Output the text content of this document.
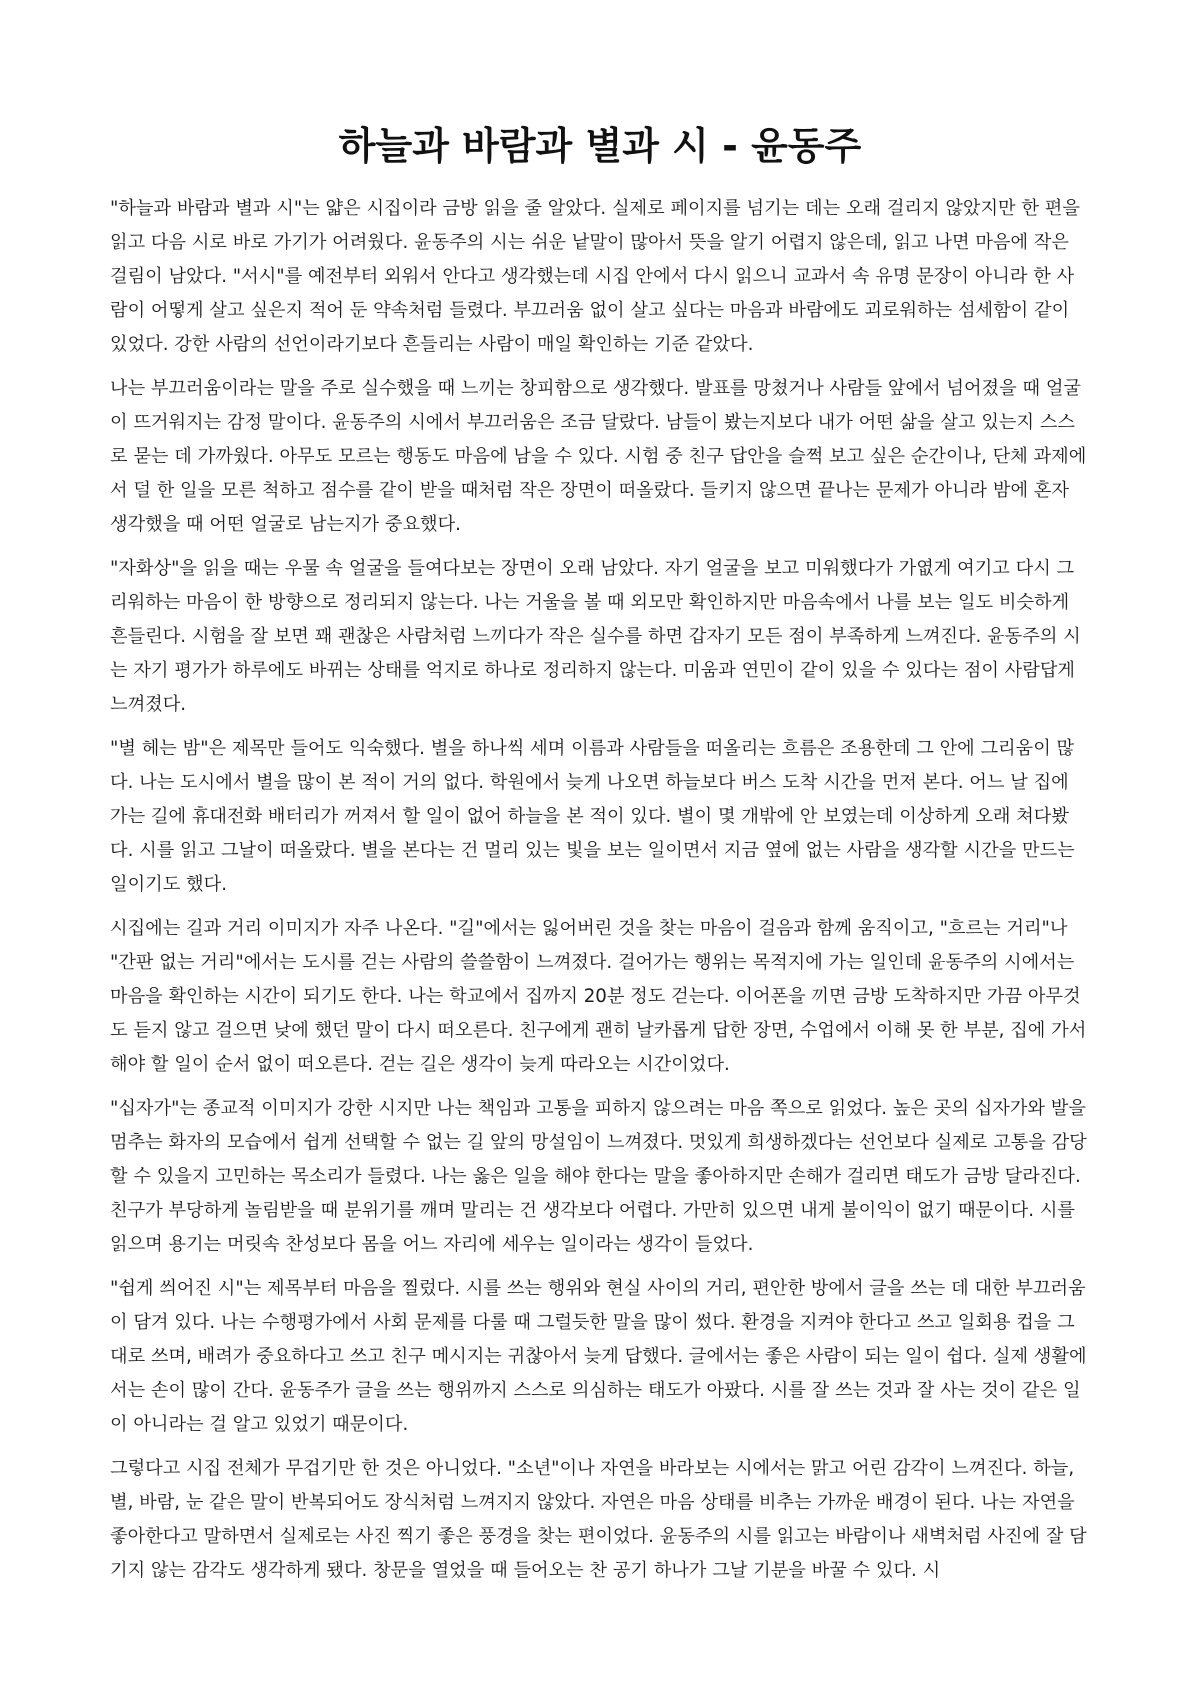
하늘과 바람과 별과 시 - 윤동주

"하늘과 바람과 별과 시"는 얇은 시집이라 금방 읽을 줄 알았다. 실제로 페이지를 넘기는 데는 오래 걸리지 않았지만 한 편을 읽고 다음 시로 바로 가기가 어려웠다. 윤동주의 시는 쉬운 낱말이 많아서 뜻을 알기 어렵지 않은데, 읽고 나면 마음에 작은 걸림이 남았다. "서시"를 예전부터 외워서 안다고 생각했는데 시집 안에서 다시 읽으니 교과서 속 유명 문장이 아니라 한 사람이 어떻게 살고 싶은지 적어 둔 약속처럼 들렸다. 부끄러움 없이 살고 싶다는 마음과 바람에도 괴로워하는 섬세함이 같이 있었다. 강한 사람의 선언이라기보다 흔들리는 사람이 매일 확인하는 기준 같았다.

나는 부끄러움이라는 말을 주로 실수했을 때 느끼는 창피함으로 생각했다. 발표를 망쳤거나 사람들 앞에서 넘어졌을 때 얼굴이 뜨거워지는 감정 말이다. 윤동주의 시에서 부끄러움은 조금 달랐다. 남들이 봤는지보다 내가 어떤 삶을 살고 있는지 스스로 묻는 데 가까웠다. 아무도 모르는 행동도 마음에 남을 수 있다. 시험 중 친구 답안을 슬쩍 보고 싶은 순간이나, 단체 과제에서 덜 한 일을 모른 척하고 점수를 같이 받을 때처럼 작은 장면이 떠올랐다. 들키지 않으면 끝나는 문제가 아니라 밤에 혼자 생각했을 때 어떤 얼굴로 남는지가 중요했다.

"자화상"을 읽을 때는 우물 속 얼굴을 들여다보는 장면이 오래 남았다. 자기 얼굴을 보고 미워했다가 가엾게 여기고 다시 그리워하는 마음이 한 방향으로 정리되지 않는다. 나는 거울을 볼 때 외모만 확인하지만 마음속에서 나를 보는 일도 비슷하게 흔들린다. 시험을 잘 보면 꽤 괜찮은 사람처럼 느끼다가 작은 실수를 하면 갑자기 모든 점이 부족하게 느껴진다. 윤동주의 시는 자기 평가가 하루에도 바뀌는 상태를 억지로 하나로 정리하지 않는다. 미움과 연민이 같이 있을 수 있다는 점이 사람답게 느껴졌다.

"별 헤는 밤"은 제목만 들어도 익숙했다. 별을 하나씩 세며 이름과 사람들을 떠올리는 흐름은 조용한데 그 안에 그리움이 많다. 나는 도시에서 별을 많이 본 적이 거의 없다. 학원에서 늦게 나오면 하늘보다 버스 도착 시간을 먼저 본다. 어느 날 집에 가는 길에 휴대전화 배터리가 꺼져서 할 일이 없어 하늘을 본 적이 있다. 별이 몇 개밖에 안 보였는데 이상하게 오래 쳐다봤다. 시를 읽고 그날이 떠올랐다. 별을 본다는 건 멀리 있는 빛을 보는 일이면서 지금 옆에 없는 사람을 생각할 시간을 만드는 일이기도 했다.

시집에는 길과 거리 이미지가 자주 나온다. "길"에서는 잃어버린 것을 찾는 마음이 걸음과 함께 움직이고, "흐르는 거리"나 "간판 없는 거리"에서는 도시를 걷는 사람의 쓸쓸함이 느껴졌다. 걸어가는 행위는 목적지에 가는 일인데 윤동주의 시에서는 마음을 확인하는 시간이 되기도 한다. 나는 학교에서 집까지 20분 정도 걷는다. 이어폰을 끼면 금방 도착하지만 가끔 아무것도 듣지 않고 걸으면 낮에 했던 말이 다시 떠오른다. 친구에게 괜히 날카롭게 답한 장면, 수업에서 이해 못 한 부분, 집에 가서 해야 할 일이 순서 없이 떠오른다. 걷는 길은 생각이 늦게 따라오는 시간이었다.

"십자가"는 종교적 이미지가 강한 시지만 나는 책임과 고통을 피하지 않으려는 마음 쪽으로 읽었다. 높은 곳의 십자가와 발을 멈추는 화자의 모습에서 쉽게 선택할 수 없는 길 앞의 망설임이 느껴졌다. 멋있게 희생하겠다는 선언보다 실제로 고통을 감당할 수 있을지 고민하는 목소리가 들렸다. 나는 옳은 일을 해야 한다는 말을 좋아하지만 손해가 걸리면 태도가 금방 달라진다. 친구가 부당하게 놀림받을 때 분위기를 깨며 말리는 건 생각보다 어렵다. 가만히 있으면 내게 불이익이 없기 때문이다. 시를 읽으며 용기는 머릿속 찬성보다 몸을 어느 자리에 세우는 일이라는 생각이 들었다.

"쉽게 씌어진 시"는 제목부터 마음을 찔렀다. 시를 쓰는 행위와 현실 사이의 거리, 편안한 방에서 글을 쓰는 데 대한 부끄러움이 담겨 있다. 나는 수행평가에서 사회 문제를 다룰 때 그럴듯한 말을 많이 썼다. 환경을 지켜야 한다고 쓰고 일회용 컵을 그대로 쓰며, 배려가 중요하다고 쓰고 친구 메시지는 귀찮아서 늦게 답했다. 글에서는 좋은 사람이 되는 일이 쉽다. 실제 생활에서는 손이 많이 간다. 윤동주가 글을 쓰는 행위까지 스스로 의심하는 태도가 아팠다. 시를 잘 쓰는 것과 잘 사는 것이 같은 일이 아니라는 걸 알고 있었기 때문이다.

그렇다고 시집 전체가 무겁기만 한 것은 아니었다. "소년"이나 자연을 바라보는 시에서는 맑고 어린 감각이 느껴진다. 하늘, 별, 바람, 눈 같은 말이 반복되어도 장식처럼 느껴지지 않았다. 자연은 마음 상태를 비추는 가까운 배경이 된다. 나는 자연을 좋아한다고 말하면서 실제로는 사진 찍기 좋은 풍경을 찾는 편이었다. 윤동주의 시를 읽고는 바람이나 새벽처럼 사진에 잘 담기지 않는 감각도 생각하게 됐다. 창문을 열었을 때 들어오는 찬 공기 하나가 그날 기분을 바꿀 수 있다. 시
